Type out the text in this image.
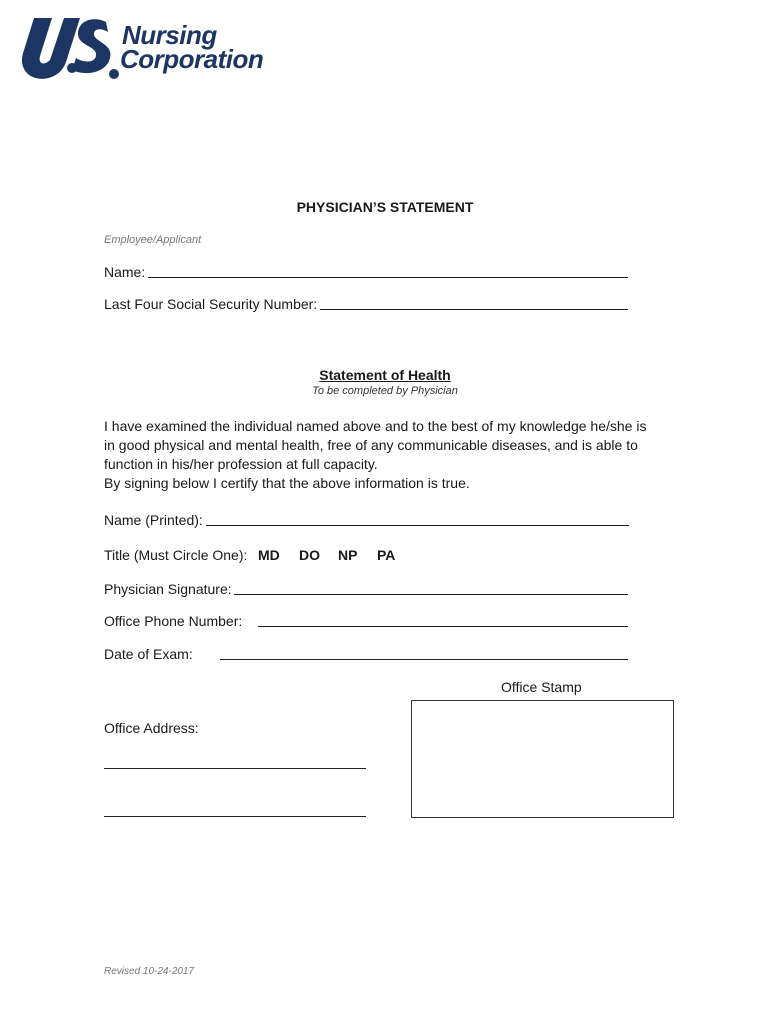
Nursing
Corporation
PHYSICIAN’S STATEMENT
Employee/Applicant
Name:
Last Four Social Security Number:
Statement of Health
To be completed by Physician
I have examined the individual named above and to the best of my knowledge he/she is
in good physical and mental health, free of any communicable diseases, and is able to
function in his/her profession at full capacity.
By signing below I certify that the above information is true.
Name (Printed):
Title (Must Circle One): MD DO NP PA
Physician Signature:
Office Phone Number:
Date of Exam:
Office Stamp
Office Address:
Revised 10-24-2017
